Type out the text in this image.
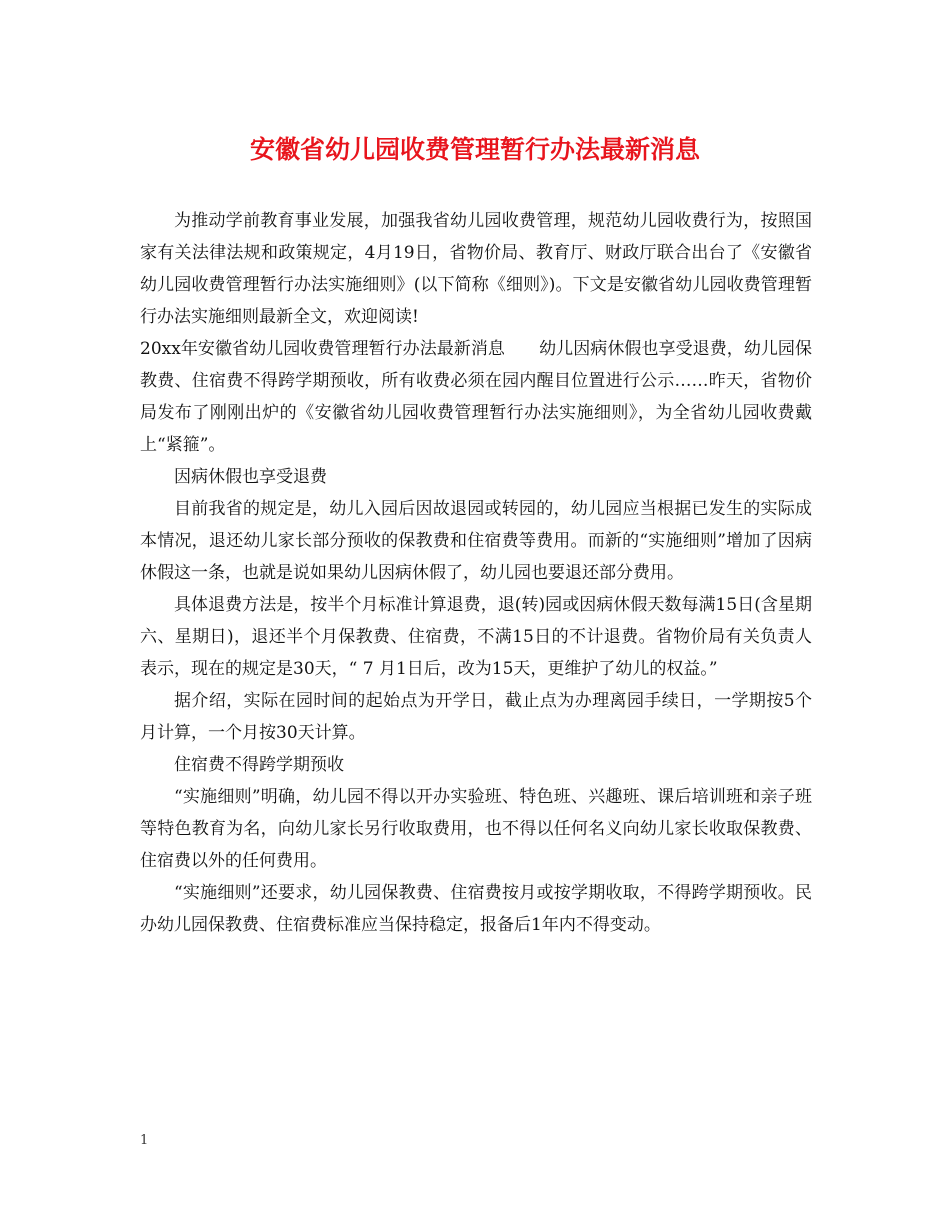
安徽省幼儿园收费管理暂行办法最新消息

为推动学前教育事业发展，加强我省幼儿园收费管理，规范幼儿园收费行为，按照国家有关法律法规和政策规定，4月19日，省物价局、教育厅、财政厅联合出台了《安徽省幼儿园收费管理暂行办法实施细则》(以下简称《细则》)。下文是安徽省幼儿园收费管理暂行办法实施细则最新全文，欢迎阅读!

20xx年安徽省幼儿园收费管理暂行办法最新消息　　幼儿因病休假也享受退费，幼儿园保教费、住宿费不得跨学期预收，所有收费必须在园内醒目位置进行公示……昨天，省物价局发布了刚刚出炉的《安徽省幼儿园收费管理暂行办法实施细则》，为全省幼儿园收费戴上“紧箍”。

因病休假也享受退费

目前我省的规定是，幼儿入园后因故退园或转园的，幼儿园应当根据已发生的实际成本情况，退还幼儿家长部分预收的保教费和住宿费等费用。而新的“实施细则”增加了因病休假这一条，也就是说如果幼儿因病休假了，幼儿园也要退还部分费用。

具体退费方法是，按半个月标准计算退费，退(转)园或因病休假天数每满15日(含星期六、星期日)，退还半个月保教费、住宿费，不满15日的不计退费。省物价局有关负责人表示，现在的规定是30天，“ 7 月1日后，改为15天，更维护了幼儿的权益。”

据介绍，实际在园时间的起始点为开学日，截止点为办理离园手续日，一学期按5个月计算，一个月按30天计算。

住宿费不得跨学期预收

“实施细则”明确，幼儿园不得以开办实验班、特色班、兴趣班、课后培训班和亲子班等特色教育为名，向幼儿家长另行收取费用，也不得以任何名义向幼儿家长收取保教费、住宿费以外的任何费用。

“实施细则”还要求，幼儿园保教费、住宿费按月或按学期收取，不得跨学期预收。民办幼儿园保教费、住宿费标准应当保持稳定，报备后1年内不得变动。

1
